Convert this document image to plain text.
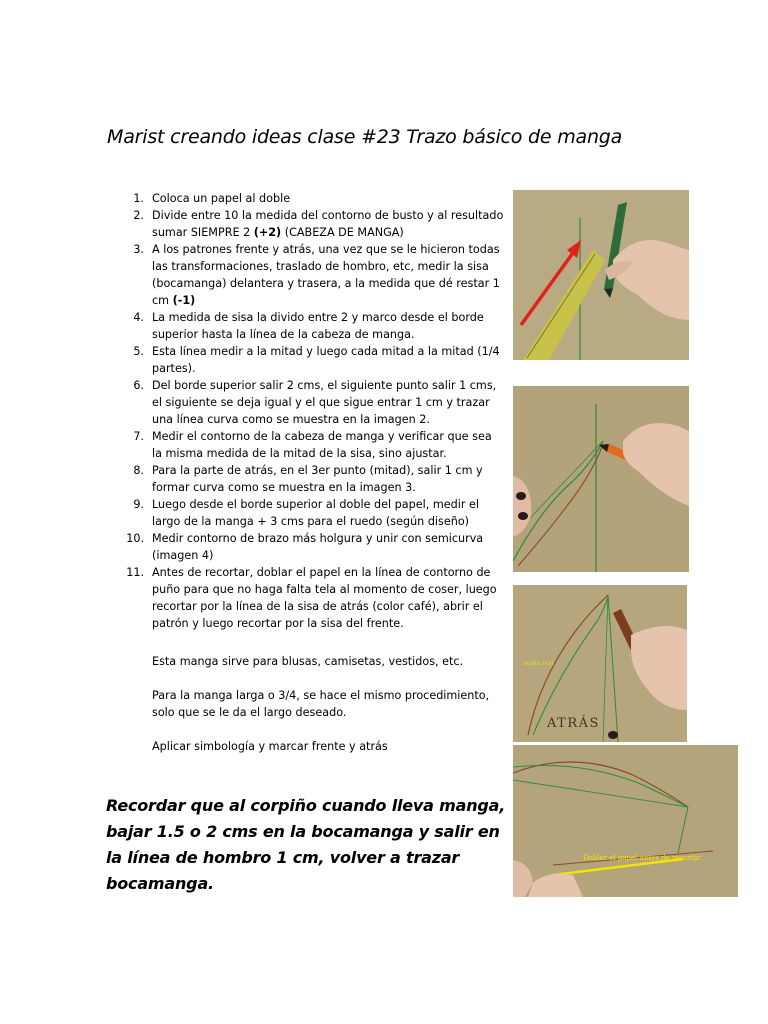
Marist creando ideas clase #23 Trazo básico de manga
1. Coloca un papel al doble
2. Divide entre 10 la medida del contorno de busto y al resultado sumar SIEMPRE 2 (+2) (CABEZA DE MANGA)
3. A los patrones frente y atrás, una vez que se le hicieron todas las transformaciones, traslado de hombro, etc, medir la sisa (bocamanga) delantera y trasera, a la medida que dé restar 1 cm (-1)
4. La medida de sisa la divido entre 2 y marco desde el borde superior hasta la línea de la cabeza de manga.
5. Esta línea medir a la mitad y luego cada mitad a la mitad (1/4 partes).
6. Del borde superior salir 2 cms, el siguiente punto salir 1 cms, el siguiente se deja igual y el que sigue entrar 1 cm y trazar una línea curva como se muestra en la imagen 2.
7. Medir el contorno de la cabeza de manga y verificar que sea la misma medida de la mitad de la sisa, sino ajustar.
8. Para la parte de atrás, en el 3er punto (mitad), salir 1 cm y formar curva como se muestra en la imagen 3.
9. Luego desde el borde superior al doble del papel, medir el largo de la manga + 3 cms para el ruedo (según diseño)
10. Medir contorno de brazo más holgura y unir con semicurva (imagen 4)
11. Antes de recortar, doblar el papel en la línea de contorno de puño para que no haga falta tela al momento de coser, luego recortar por la línea de la sisa de atrás (color café), abrir el patrón y luego recortar por la sisa del frente.

Esta manga sirve para blusas, camisetas, vestidos, etc.

Para la manga larga o 3/4, se hace el mismo procedimiento, solo que se le da el largo deseado.

Aplicar simbología y marcar frente y atrás

Recordar que al corpiño cuando lleva manga, bajar 1.5 o 2 cms en la bocamanga y salir en la línea de hombro 1 cm, volver a trazar bocamanga.
SUBIR 1CM
ATRÁS
Doblar el papel antes de recortar
